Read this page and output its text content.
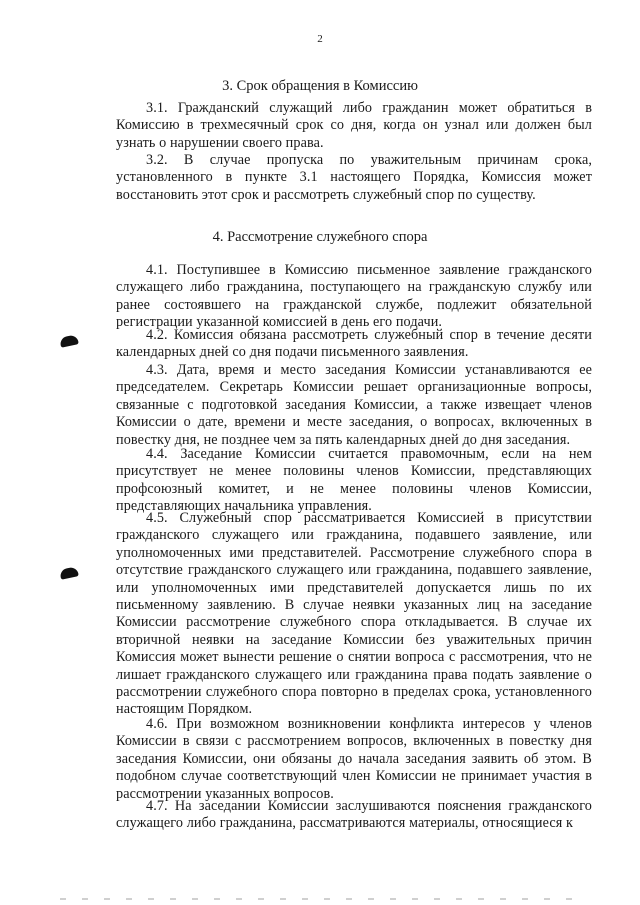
2
3. Срок обращения в Комиссию
3.1. Гражданский служащий либо гражданин может обратиться в Комиссию в трехмесячный срок со дня, когда он узнал или должен был узнать о нарушении своего права.
3.2. В случае пропуска по уважительным причинам срока, установленного в пункте 3.1 настоящего Порядка, Комиссия может восстановить этот срок и рассмотреть служебный спор по существу.
4. Рассмотрение служебного спора
4.1. Поступившее в Комиссию письменное заявление гражданского служащего либо гражданина, поступающего на гражданскую службу или ранее состоявшего на гражданской службе, подлежит обязательной регистрации указанной комиссией в день его подачи.
4.2. Комиссия обязана рассмотреть служебный спор в течение десяти календарных дней со дня подачи письменного заявления.
4.3. Дата, время и место заседания Комиссии устанавливаются ее председателем. Секретарь Комиссии решает организационные вопросы, связанные с подготовкой заседания Комиссии, а также извещает членов Комиссии о дате, времени и месте заседания, о вопросах, включенных в повестку дня, не позднее чем за пять календарных дней до дня заседания.
4.4. Заседание Комиссии считается правомочным, если на нем присутствует не менее половины членов Комиссии, представляющих профсоюзный комитет, и не менее половины членов Комиссии, представляющих начальника управления.
4.5. Служебный спор рассматривается Комиссией в присутствии гражданского служащего или гражданина, подавшего заявление, или уполномоченных ими представителей. Рассмотрение служебного спора в отсутствие гражданского служащего или гражданина, подавшего заявление, или уполномоченных ими представителей допускается лишь по их письменному заявлению. В случае неявки указанных лиц на заседание Комиссии рассмотрение служебного спора откладывается. В случае их вторичной неявки на заседание Комиссии без уважительных причин Комиссия может вынести решение о снятии вопроса с рассмотрения, что не лишает гражданского служащего или гражданина права подать заявление о рассмотрении служебного спора повторно в пределах срока, установленного настоящим Порядком.
4.6. При возможном возникновении конфликта интересов у членов Комиссии в связи с рассмотрением вопросов, включенных в повестку дня заседания Комиссии, они обязаны до начала заседания заявить об этом. В подобном случае соответствующий член Комиссии не принимает участия в рассмотрении указанных вопросов.
4.7. На заседании Комиссии заслушиваются пояснения гражданского служащего либо гражданина, рассматриваются материалы, относящиеся к
